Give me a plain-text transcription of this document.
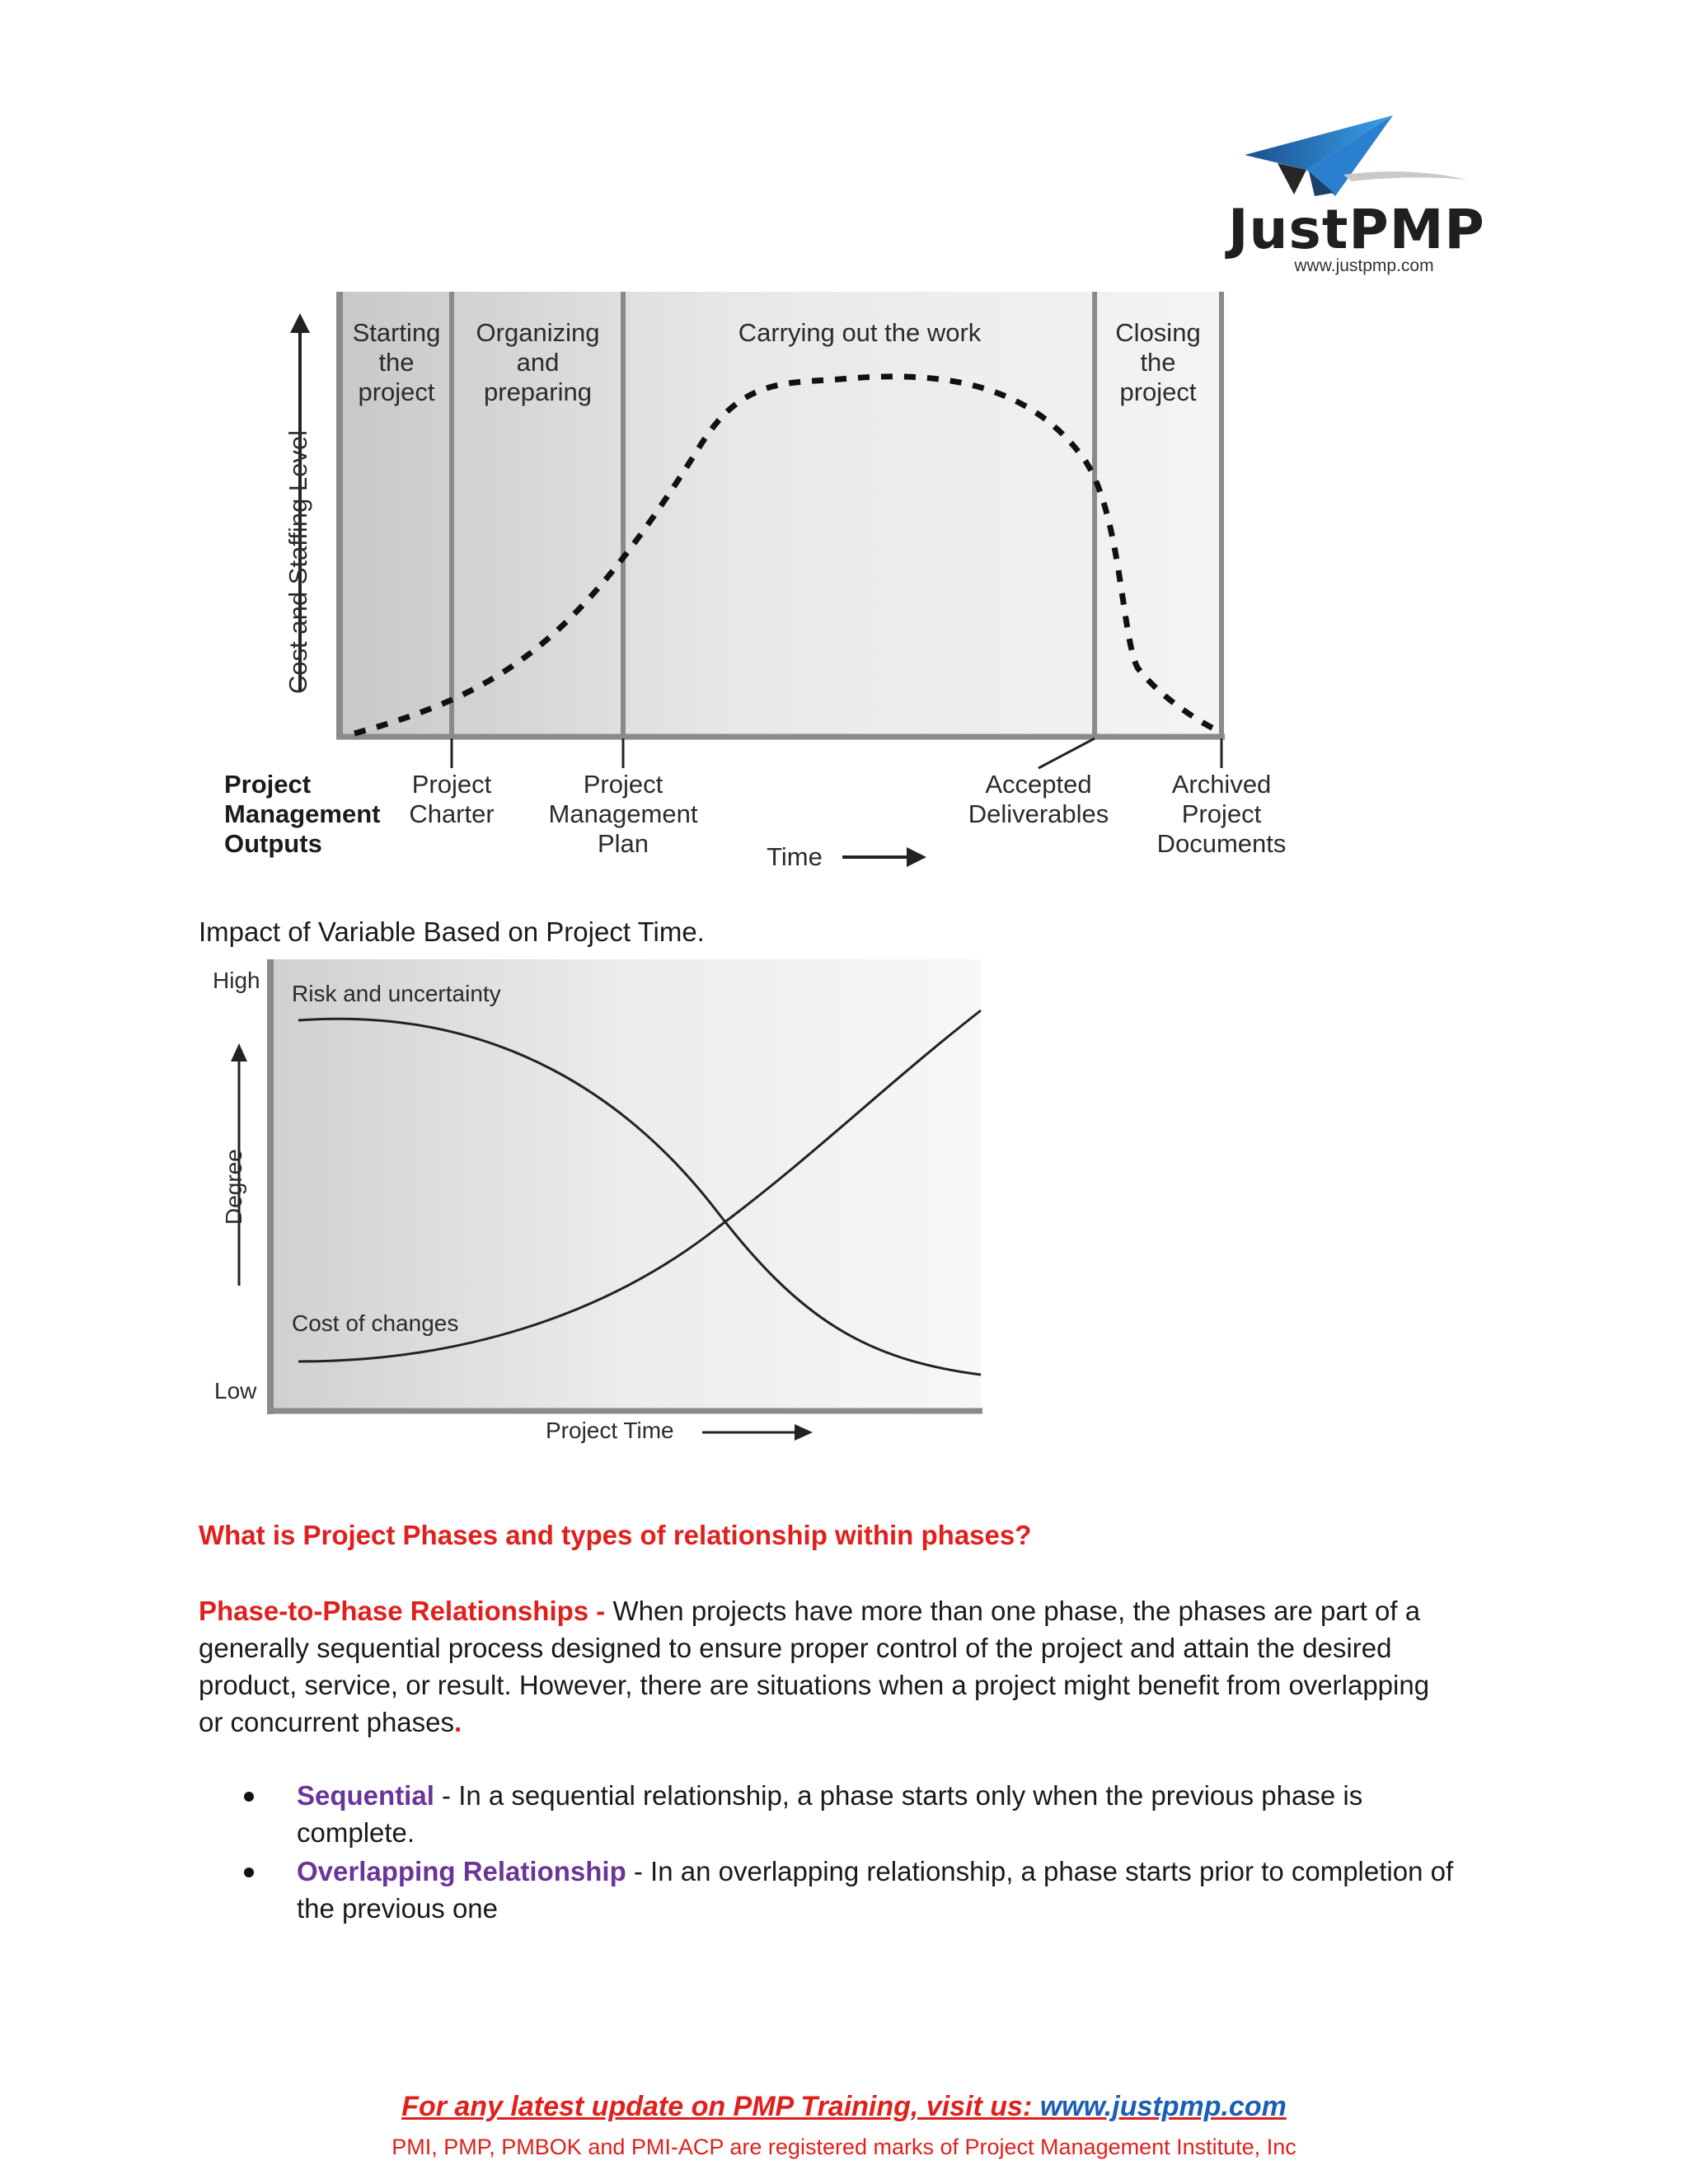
JustPMP
www.justpmp.com
Starting
the
project
Organizing and
preparing
Carrying out the work	Closing
the
project
Cost and Staffing Level
Project
Management
Outputs
Project
Charter
Project
Management Plan
Accepted
Deliverables
Archived
Project
Documents
Time
Impact of Variable Based on Project Time.
High
Low
Risk and uncertainty
Cost of changes
Project Time
Degree
What is Project Phases and types of relationship within phases?
Phase-to-Phase Relationships - When projects have more than one phase, the phases are part of a
generally sequential process designed to ensure proper control of the project and attain the desired
product, service, or result. However, there are situations when a project might benefit from overlapping
or concurrent phases.
Sequential - In a sequential relationship, a phase starts only when the previous phase is
complete.
Overlapping Relationship - In an overlapping relationship, a phase starts prior to completion of
the previous one
For any latest update on PMP Training, visit us: www.justpmp.com
PMI, PMP, PMBOK and PMI-ACP are registered marks of Project Management Institute, Inc
